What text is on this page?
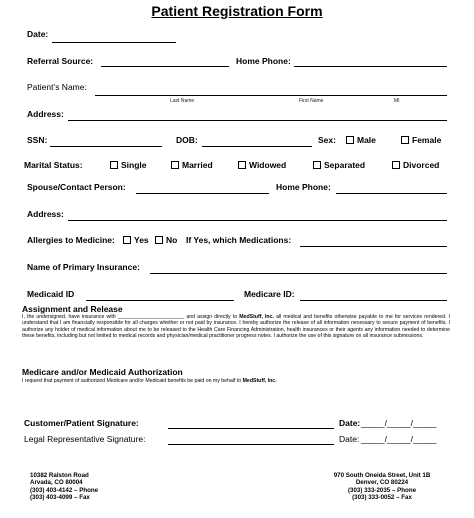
Patient Registration Form
Date:
Referral Source:	Home Phone:
Patient’s Name:
Last Name	First Name	MI
Address:
SSN:	DOB:	Sex:	Male	Female
Marital Status:	Single	Married	Widowed	Separated	Divorced
Spouse/Contact Person:	Home Phone:
Address:
Allergies to Medicine:	Yes	No If Yes, which Medications:
Name of Primary Insurance:
Medicaid ID	Medicare ID:
Assignment and Release
I, the undersigned, have insurance with _______________________ and assign directly to MedStuff, Inc. all medical and benefits otherwise payable to me for services rendered. I understand that I am financially responsible for all charges whether or not paid by insurance. I hereby authorize the release of all information necessary to secure payment of benefits. I authorize any holder of medical information about me to be released to the Health Care Financing Administration, health insurances or their agents any information needed to determine these benefits, including but not limited to medical records and physician/medical practitioner progress notes. I authorize the use of this signature on all insurance submissions.
Medicare and/or Medicaid Authorization
I request that payment of authorized Medicare and/or Medicaid benefits be paid on my behalf to MedStuff, Inc.
Customer/Patient Signature:	Date: _____/_____/_____
Legal Representative Signature:	Date: _____/_____/_____
10382 Ralston Road
Arvada, CO 80004
(303) 403-4142 – Phone
(303) 403-4099 – Fax
970 South Oneida Street, Unit 1B
Denver, CO 80224
(303) 333-2035 – Phone
(303) 333-0052 – Fax
